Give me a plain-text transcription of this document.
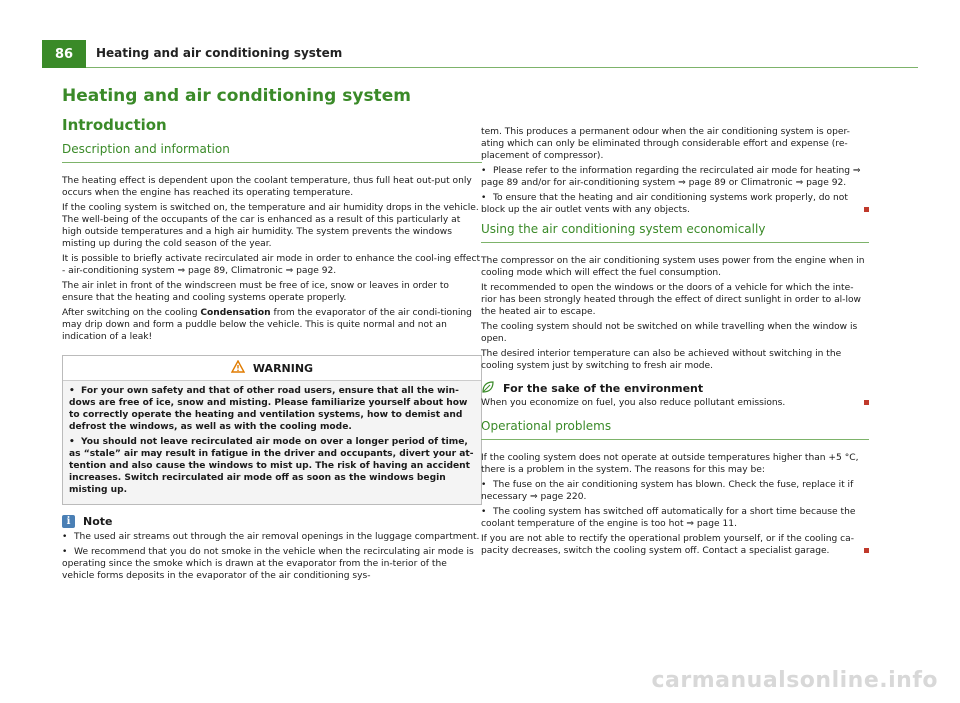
86	Heating and air conditioning system
Heating and air conditioning system
Introduction
Description and information

The heating effect is dependent upon the coolant temperature, thus full heat out-put only occurs when the engine has reached its operating temperature.

If the cooling system is switched on, the temperature and air humidity drops in the vehicle. The well-being of the occupants of the car is enhanced as a result of this particularly at high outside temperatures and a high air humidity. The system prevents the windows misting up during the cold season of the year.

It is possible to briefly activate recirculated air mode in order to enhance the cool-ing effect - air-conditioning system ⇒ page 89, Climatronic ⇒ page 92.

The air inlet in front of the windscreen must be free of ice, snow or leaves in order to ensure that the heating and cooling systems operate properly.

After switching on the cooling Condensation from the evaporator of the air condi-tioning may drip down and form a puddle below the vehicle. This is quite normal and not an indication of a leak!

WARNING
• For your own safety and that of other road users, ensure that all the win-dows are free of ice, snow and misting. Please familiarize yourself about how to correctly operate the heating and ventilation systems, how to demist and defrost the windows, as well as with the cooling mode.
• You should not leave recirculated air mode on over a longer period of time, as “stale” air may result in fatigue in the driver and occupants, divert your at-tention and also cause the windows to mist up. The risk of having an accident increases. Switch recirculated air mode off as soon as the windows begin misting up.
i	Note
• The used air streams out through the air removal openings in the luggage compartment.
• We recommend that you do not smoke in the vehicle when the recirculating air mode is operating since the smoke which is drawn at the evaporator from the in-terior of the vehicle forms deposits in the evaporator of the air conditioning sys-

tem. This produces a permanent odour when the air conditioning system is oper-ating which can only be eliminated through considerable effort and expense (re-placement of compressor).

• Please refer to the information regarding the recirculated air mode for heating ⇒ page 89 and/or for air-conditioning system ⇒ page 89 or Climatronic ⇒ page 92.
• To ensure that the heating and air conditioning systems work properly, do not block up the air outlet vents with any objects.
Using the air conditioning system economically

The compressor on the air conditioning system uses power from the engine when in cooling mode which will effect the fuel consumption.

It recommended to open the windows or the doors of a vehicle for which the inte-rior has been strongly heated through the effect of direct sunlight in order to al-low the heated air to escape.

The cooling system should not be switched on while travelling when the window is open.

The desired interior temperature can also be achieved without switching in the cooling system just by switching to fresh air mode.

For the sake of the environment

When you economize on fuel, you also reduce pollutant emissions.

Operational problems

If the cooling system does not operate at outside temperatures higher than +5 °C, there is a problem in the system. The reasons for this may be:

• The fuse on the air conditioning system has blown. Check the fuse, replace it if necessary ⇒ page 220.
• The cooling system has switched off automatically for a short time because the coolant temperature of the engine is too hot ⇒ page 11.

If you are not able to rectify the operational problem yourself, or if the cooling ca-pacity decreases, switch the cooling system off. Contact a specialist garage.

carmanualsonline.info
